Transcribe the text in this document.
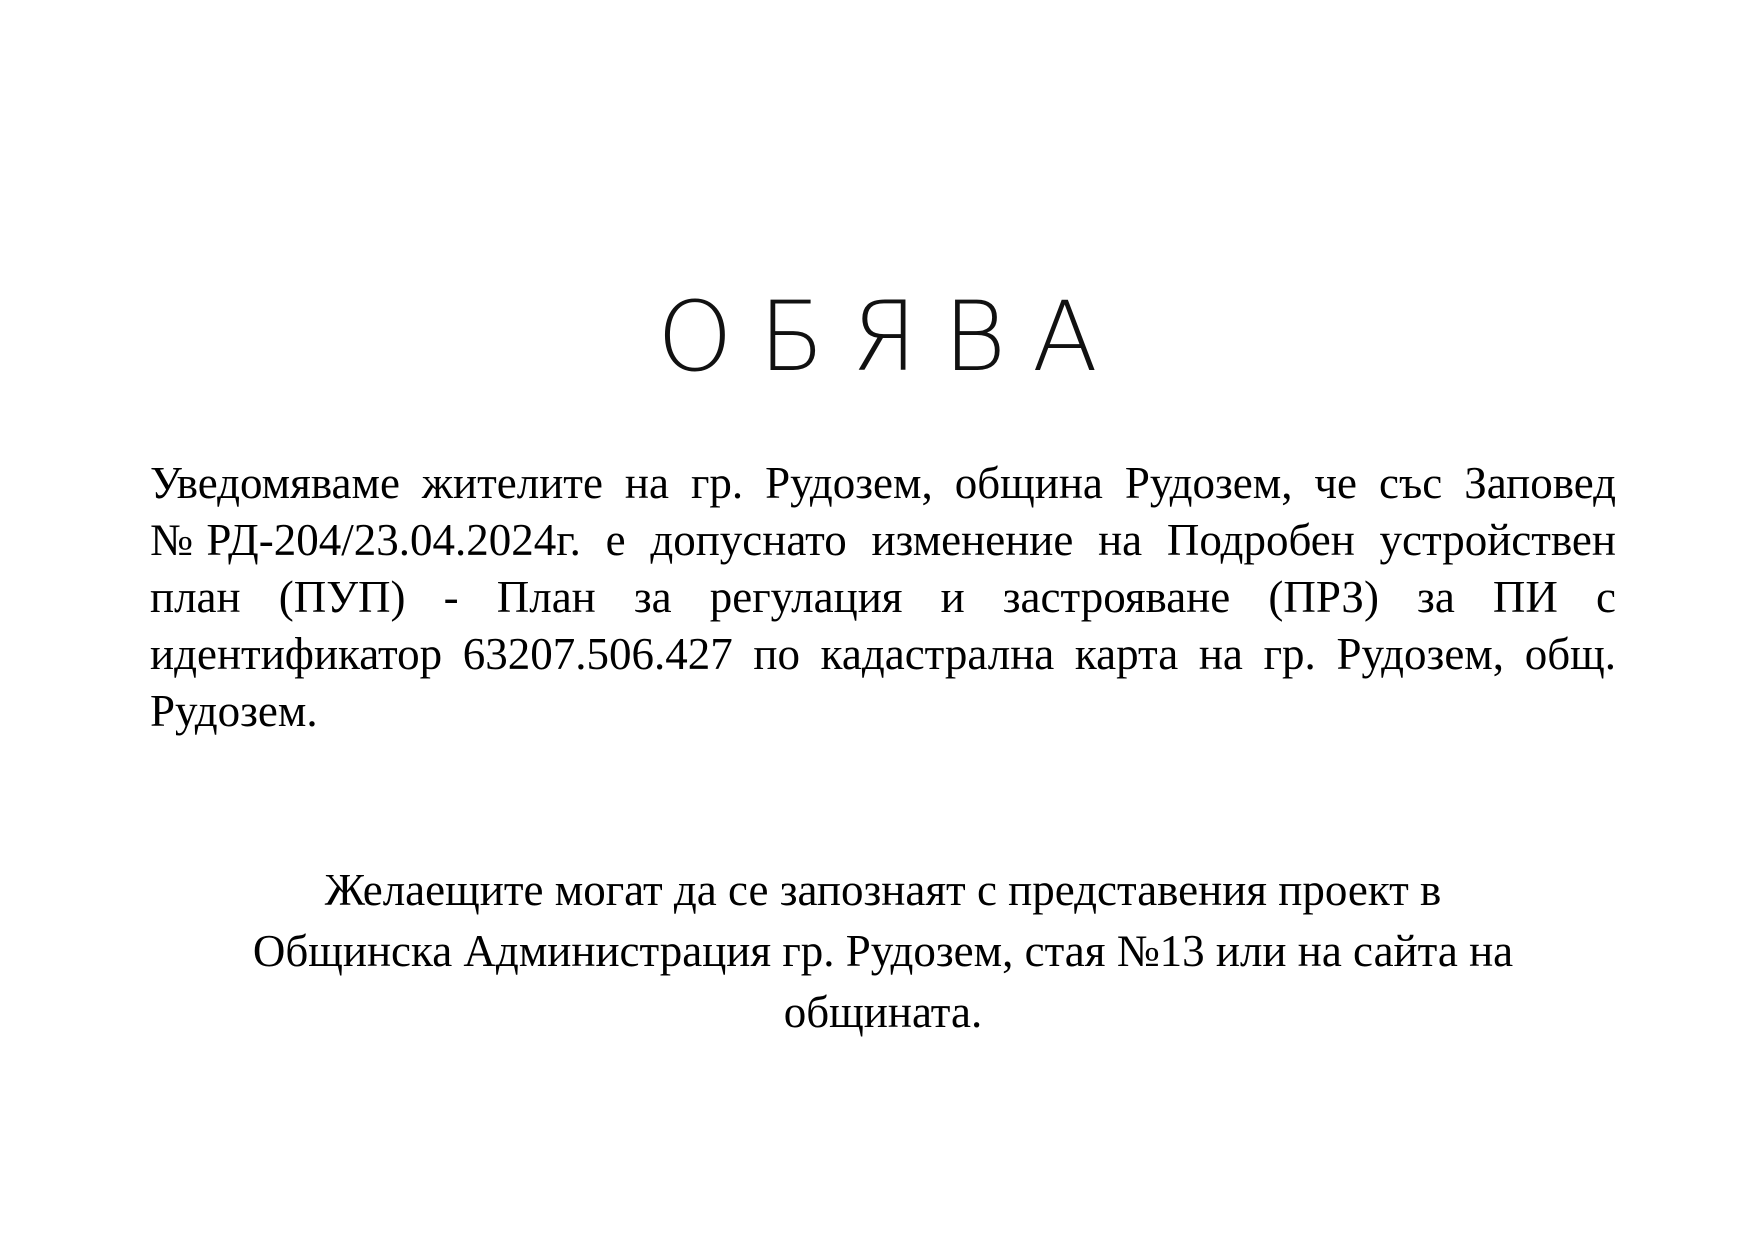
ОБЯВА
Уведомяваме жителите на гр. Рудозем, община Рудозем, че със Заповед №РД-204/23.04.2024г. е допуснато изменение на Подробен устройствен план (ПУП) - План за регулация и застрояване (ПРЗ) за ПИ с идентификатор 63207.506.427 по кадастрална карта на гр. Рудозем, общ. Рудозем.
Желаещите могат да се запознаят с представения проект в
Общинска Администрация гр. Рудозем, стая №13 или на сайта на
общината.
